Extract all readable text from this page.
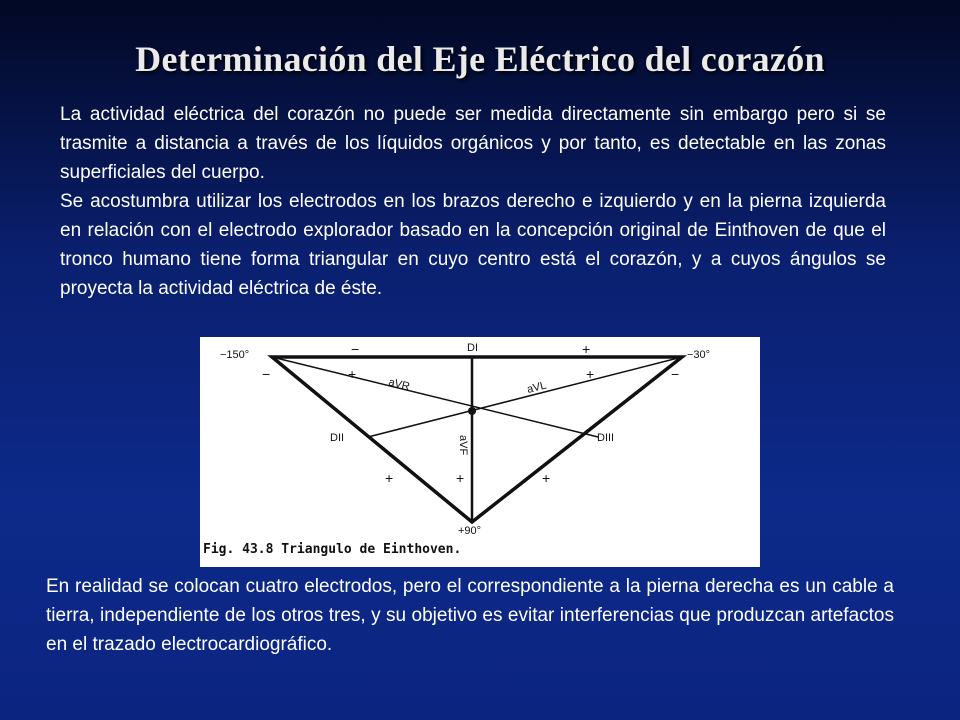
Determinación del Eje Eléctrico del corazón

La actividad eléctrica del corazón no puede ser medida directamente sin embargo pero si se trasmite a distancia a través de los líquidos orgánicos y por tanto, es detectable en las zonas superficiales del cuerpo.

Se acostumbra utilizar los electrodos en los brazos derecho e izquierdo y en la pierna izquierda en relación con el electrodo explorador basado en la concepción original de Einthoven de que el tronco humano tiene forma triangular en cuyo centro está el corazón, y a cuyos ángulos se proyecta la actividad eléctrica de éste.

−150°	−30°
+90°
DI
DII	DIII
aVR	aVL
aVF
−	+
−	+	+	−
+	+	+
Fig. 43.8 Triangulo de Einthoven.

En realidad se colocan cuatro electrodos, pero el correspondiente a la pierna derecha es un cable a tierra, independiente de los otros tres, y su objetivo es evitar interferencias que produzcan artefactos en el trazado electrocardiográfico.
